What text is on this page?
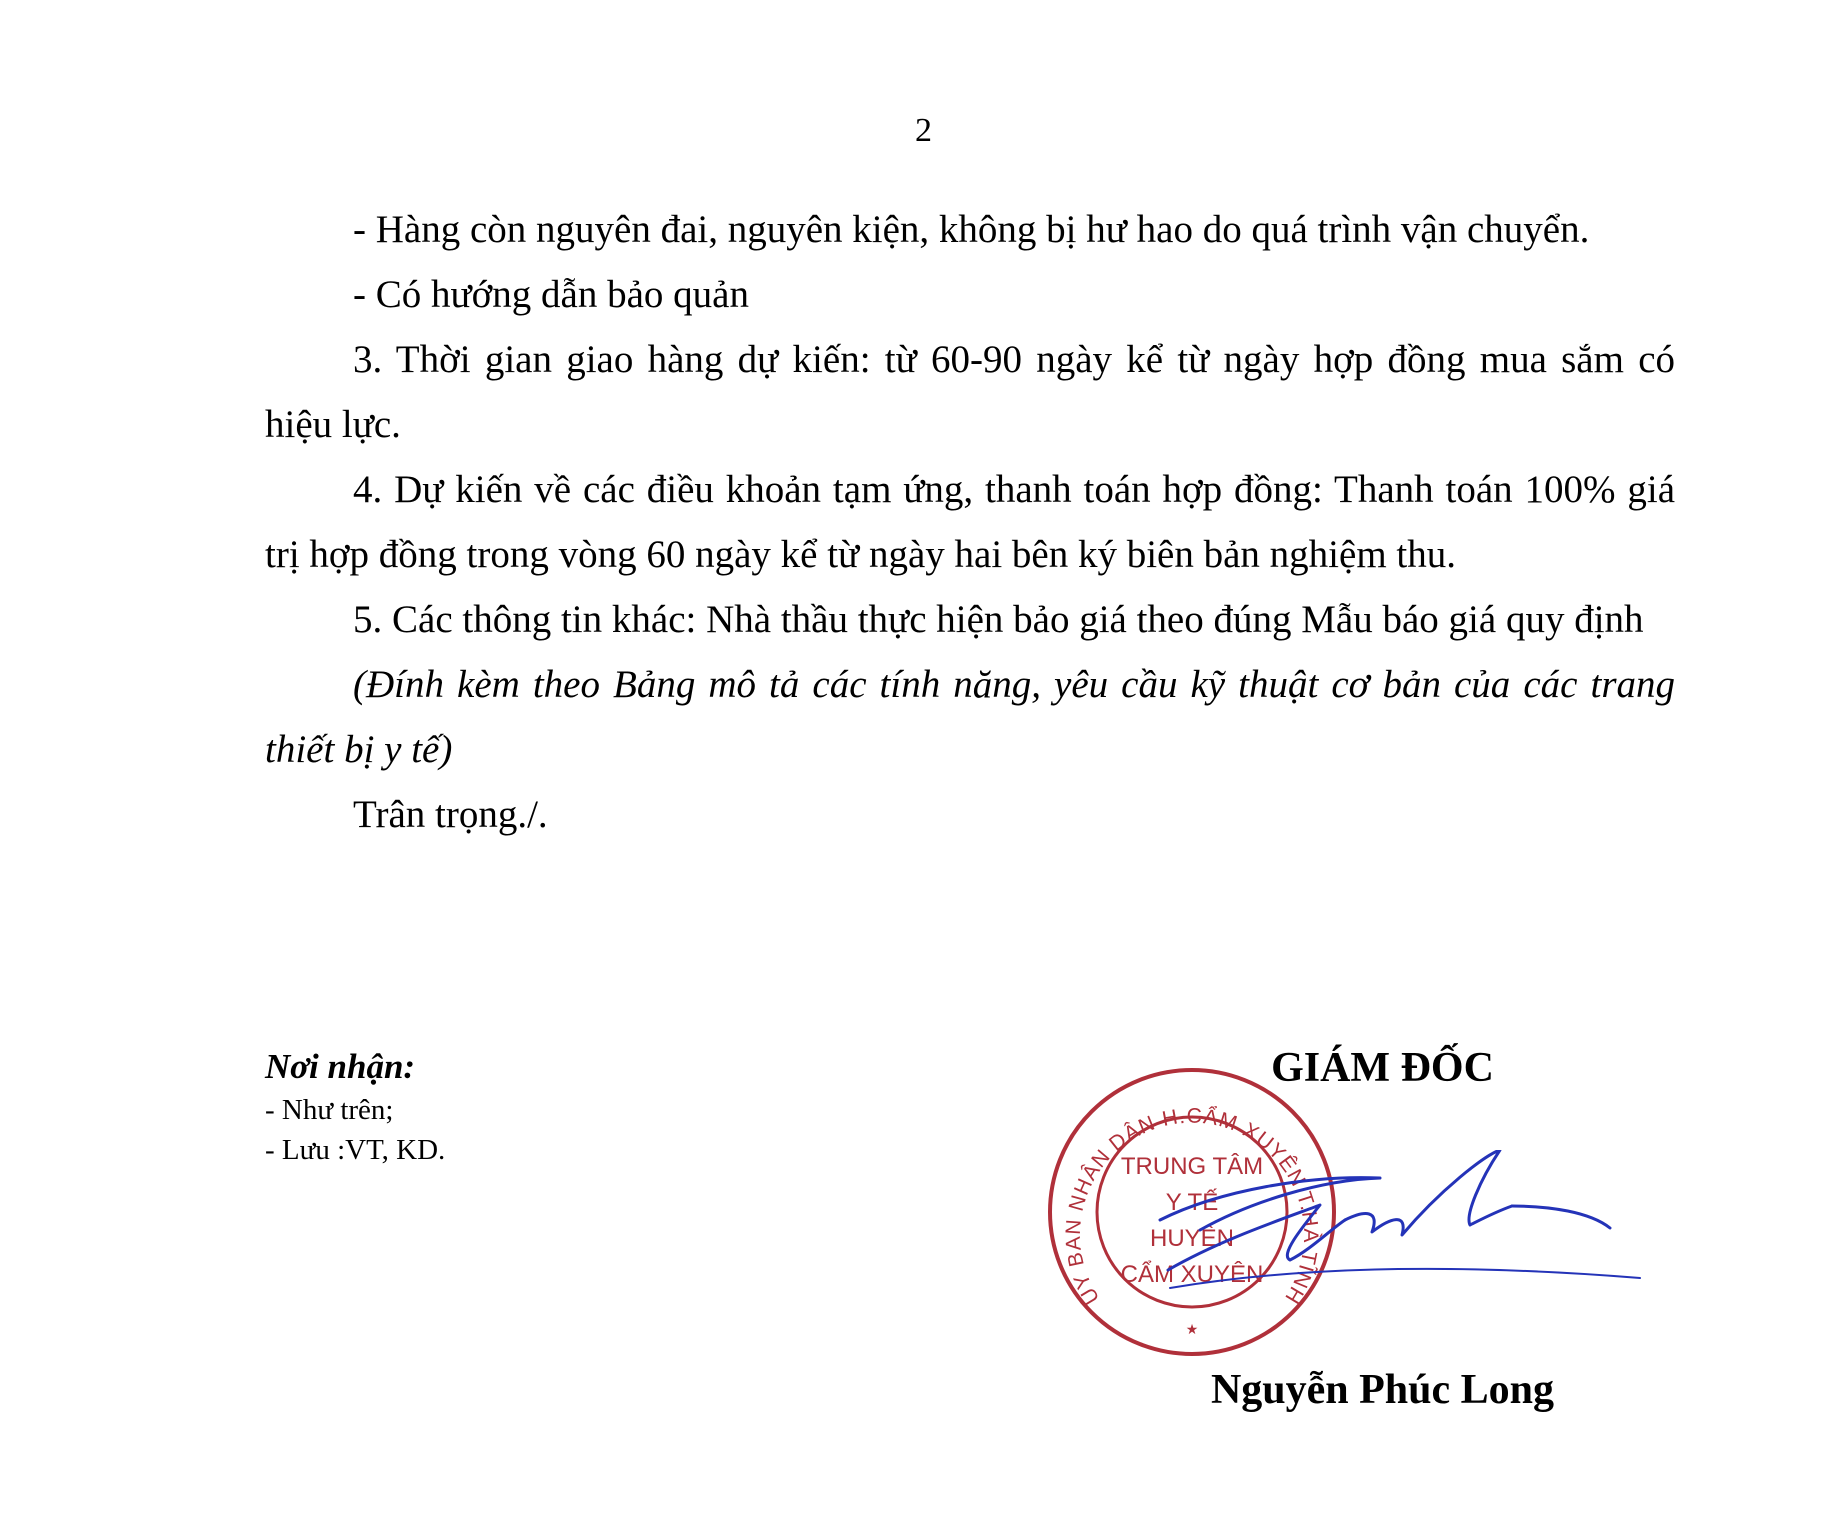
2

- Hàng còn nguyên đai, nguyên kiện, không bị hư hao do quá trình vận chuyển.

- Có hướng dẫn bảo quản

3. Thời gian giao hàng dự kiến: từ 60-90 ngày kể từ ngày hợp đồng mua sắm có hiệu lực.

4. Dự kiến về các điều khoản tạm ứng, thanh toán hợp đồng: Thanh toán 100% giá trị hợp đồng trong vòng 60 ngày kể từ ngày hai bên ký biên bản nghiệm thu.

5. Các thông tin khác: Nhà thầu thực hiện bảo giá theo đúng Mẫu báo giá quy định

(Đính kèm theo Bảng mô tả các tính năng, yêu cầu kỹ thuật cơ bản của các trang thiết bị y tế)

Trân trọng./.

Nơi nhận:
- Như trên;
- Lưu :VT, KD.
GIÁM ĐỐC
ỦY BAN NHÂN DÂN H.CẨM XUYÊN T.HÀ TĨNH
TRUNG TÂM
Y TẾ
HUYỆN
CẨM XUYÊN
★
Nguyễn Phúc Long
